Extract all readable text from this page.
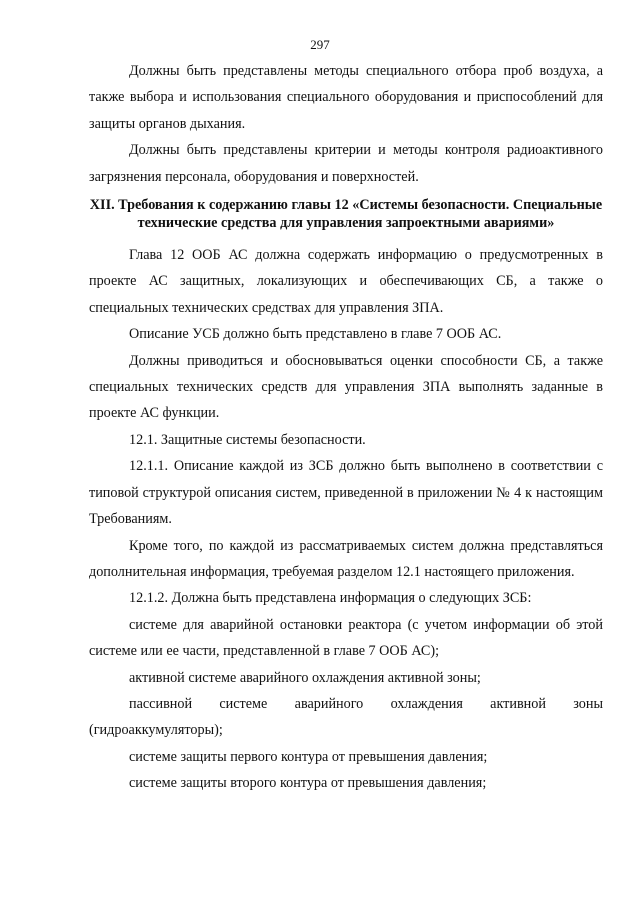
297

Должны быть представлены методы специального отбора проб воздуха, а также выбора и использования специального оборудования и приспособлений для защиты органов дыхания.

Должны быть представлены критерии и методы контроля радиоактивного загрязнения персонала, оборудования и поверхностей.

XII. Требования к содержанию главы 12 «Системы безопасности. Специальные технические средства для управления запроектными авариями»

Глава 12 ООБ АС должна содержать информацию о предусмотренных в проекте АС защитных, локализующих и обеспечивающих СБ, а также о специальных технических средствах для управления ЗПА.

Описание УСБ должно быть представлено в главе 7 ООБ АС.

Должны приводиться и обосновываться оценки способности СБ, а также специальных технических средств для управления ЗПА выполнять заданные в проекте АС функции.

12.1. Защитные системы безопасности.

12.1.1. Описание каждой из ЗСБ должно быть выполнено в соответствии с типовой структурой описания систем, приведенной в приложении № 4 к настоящим Требованиям.

Кроме того, по каждой из рассматриваемых систем должна представляться дополнительная информация, требуемая разделом 12.1 настоящего приложения.

12.1.2. Должна быть представлена информация о следующих ЗСБ:

системе для аварийной остановки реактора (с учетом информации об этой системе или ее части, представленной в главе 7 ООБ АС);

активной системе аварийного охлаждения активной зоны;

пассивной системе аварийного охлаждения активной зоны (гидроаккумуляторы);

системе защиты первого контура от превышения давления;

системе защиты второго контура от превышения давления;
